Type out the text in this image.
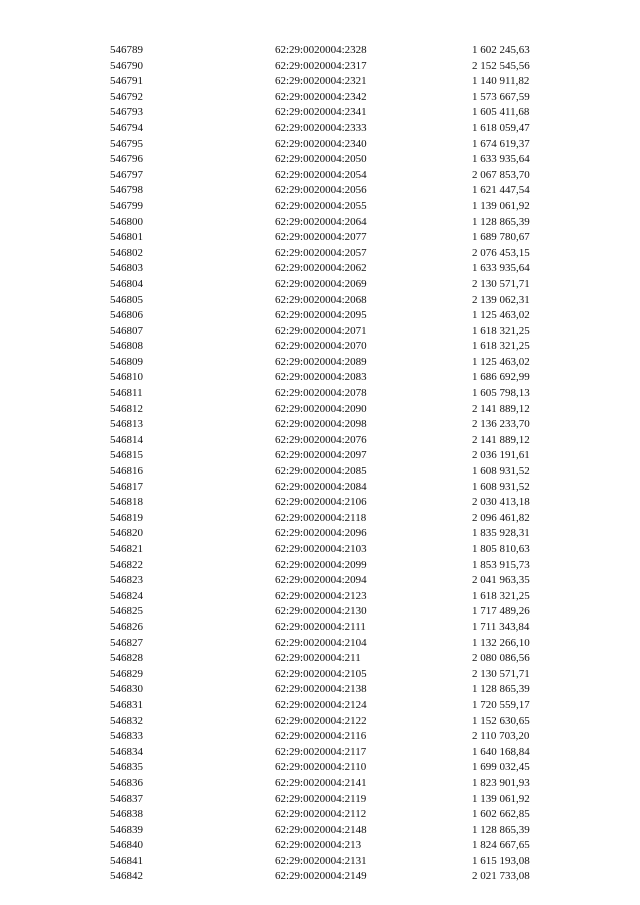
546789	62:29:0020004:2328	1 602 245,63
546790	62:29:0020004:2317	2 152 545,56
546791	62:29:0020004:2321	1 140 911,82
546792	62:29:0020004:2342	1 573 667,59
546793	62:29:0020004:2341	1 605 411,68
546794	62:29:0020004:2333	1 618 059,47
546795	62:29:0020004:2340	1 674 619,37
546796	62:29:0020004:2050	1 633 935,64
546797	62:29:0020004:2054	2 067 853,70
546798	62:29:0020004:2056	1 621 447,54
546799	62:29:0020004:2055	1 139 061,92
546800	62:29:0020004:2064	1 128 865,39
546801	62:29:0020004:2077	1 689 780,67
546802	62:29:0020004:2057	2 076 453,15
546803	62:29:0020004:2062	1 633 935,64
546804	62:29:0020004:2069	2 130 571,71
546805	62:29:0020004:2068	2 139 062,31
546806	62:29:0020004:2095	1 125 463,02
546807	62:29:0020004:2071	1 618 321,25
546808	62:29:0020004:2070	1 618 321,25
546809	62:29:0020004:2089	1 125 463,02
546810	62:29:0020004:2083	1 686 692,99
546811	62:29:0020004:2078	1 605 798,13
546812	62:29:0020004:2090	2 141 889,12
546813	62:29:0020004:2098	2 136 233,70
546814	62:29:0020004:2076	2 141 889,12
546815	62:29:0020004:2097	2 036 191,61
546816	62:29:0020004:2085	1 608 931,52
546817	62:29:0020004:2084	1 608 931,52
546818	62:29:0020004:2106	2 030 413,18
546819	62:29:0020004:2118	2 096 461,82
546820	62:29:0020004:2096	1 835 928,31
546821	62:29:0020004:2103	1 805 810,63
546822	62:29:0020004:2099	1 853 915,73
546823	62:29:0020004:2094	2 041 963,35
546824	62:29:0020004:2123	1 618 321,25
546825	62:29:0020004:2130	1 717 489,26
546826	62:29:0020004:2111	1 711 343,84
546827	62:29:0020004:2104	1 132 266,10
546828	62:29:0020004:211	2 080 086,56
546829	62:29:0020004:2105	2 130 571,71
546830	62:29:0020004:2138	1 128 865,39
546831	62:29:0020004:2124	1 720 559,17
546832	62:29:0020004:2122	1 152 630,65
546833	62:29:0020004:2116	2 110 703,20
546834	62:29:0020004:2117	1 640 168,84
546835	62:29:0020004:2110	1 699 032,45
546836	62:29:0020004:2141	1 823 901,93
546837	62:29:0020004:2119	1 139 061,92
546838	62:29:0020004:2112	1 602 662,85
546839	62:29:0020004:2148	1 128 865,39
546840	62:29:0020004:213	1 824 667,65
546841	62:29:0020004:2131	1 615 193,08
546842	62:29:0020004:2149	2 021 733,08
